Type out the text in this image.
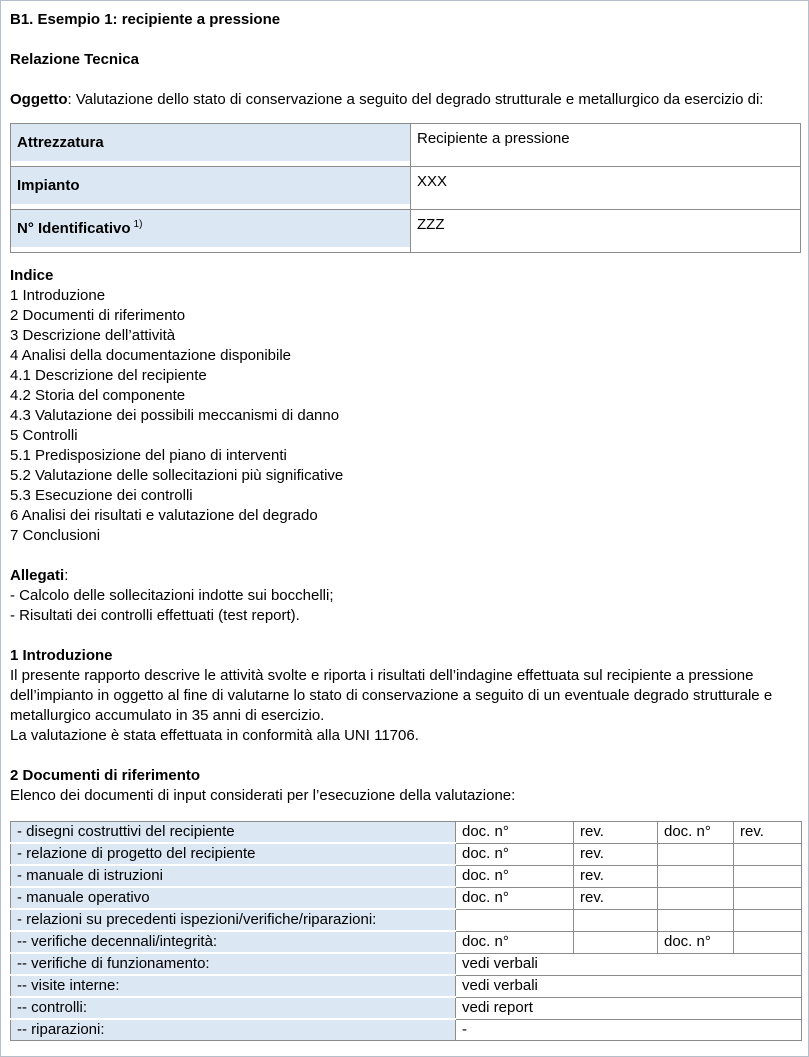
B1. Esempio 1: recipiente a pressione

Relazione Tecnica

Oggetto: Valutazione dello stato di conservazione a seguito del degrado strutturale e metallurgico da esercizio di:

Attrezzatura	Recipiente a pressione
Impianto	XXX
N° Identificativo $^{1)}$	ZZZ

Indice

1 Introduzione

2 Documenti di riferimento

3 Descrizione dell’attività

4 Analisi della documentazione disponibile

4.1 Descrizione del recipiente

4.2 Storia del componente

4.3 Valutazione dei possibili meccanismi di danno

5 Controlli

5.1 Predisposizione del piano di interventi

5.2 Valutazione delle sollecitazioni più significative

5.3 Esecuzione dei controlli

6 Analisi dei risultati e valutazione del degrado

7 Conclusioni

Allegati:

- Calcolo delle sollecitazioni indotte sui bocchelli;

- Risultati dei controlli effettuati (test report).

1 Introduzione

Il presente rapporto descrive le attività svolte e riporta i risultati dell’indagine effettuata sul recipiente a pressione dell’impianto in oggetto al fine di valutarne lo stato di conservazione a seguito di un eventuale degrado strutturale e metallurgico accumulato in 35 anni di esercizio.

La valutazione è stata effettuata in conformità alla UNI 11706.

2 Documenti di riferimento

Elenco dei documenti di input considerati per l’esecuzione della valutazione:

- disegni costruttivi del recipiente	doc. n°	rev.	doc. n°	rev.
- relazione di progetto del recipiente	doc. n°	rev.		
- manuale di istruzioni	doc. n°	rev.		
- manuale operativo	doc. n°	rev.		
- relazioni su precedenti ispezioni/verifiche/riparazioni:				
-- verifiche decennali/integrità:	doc. n°		doc. n°	
-- verifiche di funzionamento:	vedi verbali			
-- visite interne:	vedi verbali			
-- controlli:	vedi report			
-- riparazioni:	-			
